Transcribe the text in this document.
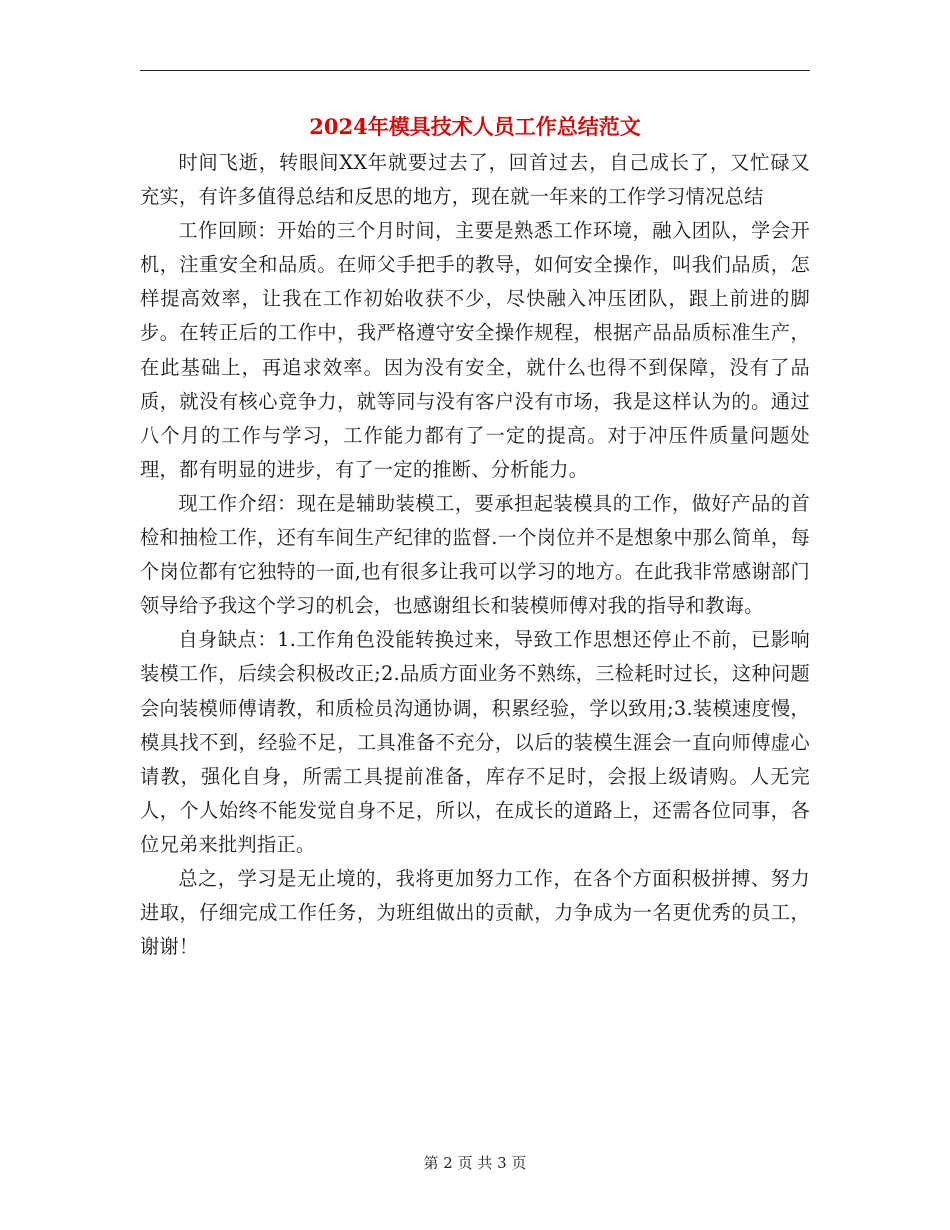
2024年模具技术人员工作总结范文

时间飞逝，转眼间XX年就要过去了，回首过去，自己成长了，又忙碌又充实，有许多值得总结和反思的地方，现在就一年来的工作学习情况总结

工作回顾：开始的三个月时间，主要是熟悉工作环境，融入团队，学会开机，注重安全和品质。在师父手把手的教导，如何安全操作，叫我们品质，怎样提高效率，让我在工作初始收获不少，尽快融入冲压团队，跟上前进的脚步。在转正后的工作中，我严格遵守安全操作规程，根据产品品质标准生产，在此基础上，再追求效率。因为没有安全，就什么也得不到保障，没有了品质，就没有核心竞争力，就等同与没有客户没有市场，我是这样认为的。通过八个月的工作与学习，工作能力都有了一定的提高。对于冲压件质量问题处理，都有明显的进步，有了一定的推断、分析能力。

现工作介绍：现在是辅助装模工，要承担起装模具的工作，做好产品的首检和抽检工作，还有车间生产纪律的监督.一个岗位并不是想象中那么简单，每个岗位都有它独特的一面,也有很多让我可以学习的地方。在此我非常感谢部门领导给予我这个学习的机会，也感谢组长和装模师傅对我的指导和教诲。

自身缺点：1.工作角色没能转换过来，导致工作思想还停止不前，已影响装模工作，后续会积极改正;2.品质方面业务不熟练，三检耗时过长，这种问题会向装模师傅请教，和质检员沟通协调，积累经验，学以致用;3.装模速度慢，模具找不到，经验不足，工具准备不充分，以后的装模生涯会一直向师傅虚心请教，强化自身，所需工具提前准备，库存不足时，会报上级请购。人无完人，个人始终不能发觉自身不足，所以，在成长的道路上，还需各位同事，各位兄弟来批判指正。

总之，学习是无止境的，我将更加努力工作，在各个方面积极拼搏、努力进取，仔细完成工作任务，为班组做出的贡献，力争成为一名更优秀的员工，谢谢！

第 2 页 共 3 页
